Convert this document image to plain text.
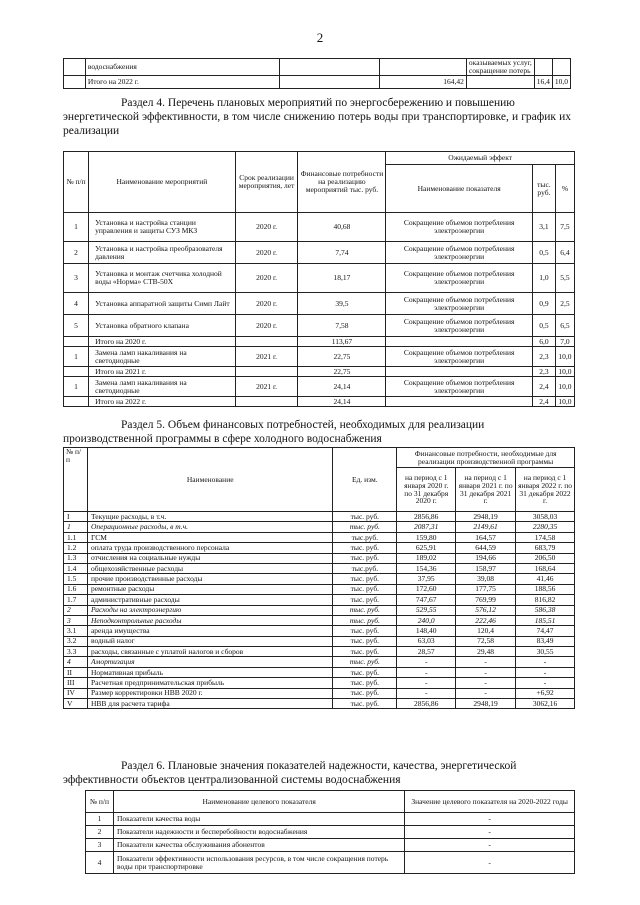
2
	водоснабжения			оказываемых услуг, сокращение потерь		
	Итого на 2022 г.		164,42		16,4	10,0
Раздел 4. Перечень плановых мероприятий по энергосбережению и повышению
энергетической эффективности, в том числе снижению потерь воды при транспортировке, и график их реализации
№ п/п	Наименование мероприятий	Срок реализации мероприятия, лет	Финансовые потребности на реализацию мероприятий тыс. руб.	Ожидаемый эффект		
				Наименование показателя	тыс. руб.	%
1	Установка и настройка станции управления и защиты СУЗ МКЗ	2020 г.	40,68	Сокращение объемов потребления электроэнергии	3,1	7,5
2	Установка и настройка преобразователя давления	2020 г.	7,74	Сокращение объемов потребления электроэнергии	0,5	6,4
3	Установка и монтаж счетчика холодной воды «Норма» СТВ-50Х	2020 г.	18,17	Сокращение объемов потребления электроэнергии	1,0	5,5
4	Установка аппаратной защиты Симп Лайт	2020 г.	39,5	Сокращение объемов потребления электроэнергии	0,9	2,5
5	Установка обратного клапана	2020 г.	7,58	Сокращение объемов потребления электроэнергии	0,5	6,5
	Итого на 2020 г.		113,67		6,0	7,0
1	Замена ламп накаливания на светодиодные	2021 г.	22,75	Сокращение объемов потребления электроэнергии	2,3	10,0
	Итого на 2021 г.		22,75		2,3	10,0
1	Замена ламп накаливания на светодиодные	2021 г.	24,14	Сокращение объемов потребления электроэнергии	2,4	10,0
	Итого на 2022 г.		24,14		2,4	10,0
Раздел 5. Объем финансовых потребностей, необходимых для реализации
производственной программы в сфере холодного водоснабжения
№ п/п	Наименование	Ед. изм.	Финансовые потребности, необходимые для реализации производственной программы		
			на период с 1 января 2020 г. по 31 декабря 2020 г.	на период с 1 января 2021 г. по 31 декабря 2021 г.	на период с 1 января 2022 г. по 31 декабря 2022 г.
I	Текущие расходы, в т.ч.	тыс. руб.	2856,86	2948,19	3058,03
1	Операционные расходы, в т.ч.	тыс. руб.	2087,31	2149,61	2280,35
1.1	ГСМ	тыс.руб.	159,80	164,57	174,58
1.2	оплата труда производственного персонала	тыс. руб.	625,91	644,59	683,79
1.3	отчисления на социальные нужды	тыс. руб.	189,02	194,66	206,50
1.4	общехозяйственные расходы	тыс.руб.	154,36	158,97	168,64
1.5	прочие производственные расходы	тыс. руб.	37,95	39,08	41,46
1.6	ремонтные расходы	тыс. руб.	172,60	177,75	188,56
1.7	административные расходы	тыс. руб.	747,67	769,99	816,82
2	Расходы на электроэнергию	тыс. руб.	529,55	576,12	586,38
3	Неподконтрольные расходы	тыс. руб.	240,0	222,46	185,51
3.1	аренда имущества	тыс. руб.	148,40	120,4	74,47
3.2	водный налог	тыс. руб.	63,03	72,58	83,49
3.3	расходы, связанные с уплатой налогов и сборов	тыс. руб.	28,57	29,48	30,55
4	Амортизация	тыс. руб.	-	-	-
II	Нормативная прибыль	тыс. руб.	-	-	-
III	Расчетная предпринимательская прибыль	тыс. руб.	-	-	-
IV	Размер корректировки НВВ 2020 г.	тыс. руб.	-	-	+6,92
V	НВВ для расчета тарифа	тыс. руб.	2856,86	2948,19	3062,16
Раздел 6. Плановые значения показателей надежности, качества, энергетической
эффективности объектов централизованной системы водоснабжения
№ п/п	Наименование целевого показателя	Значение целевого показателя на 2020-2022 годы
1	Показатели качества воды	-
2	Показатели надежности и бесперебойности водоснабжения	-
3	Показатели качества обслуживания абонентов	-
4	Показатели эффективности использования ресурсов, в том числе сокращения потерь воды при транспортировке	-
